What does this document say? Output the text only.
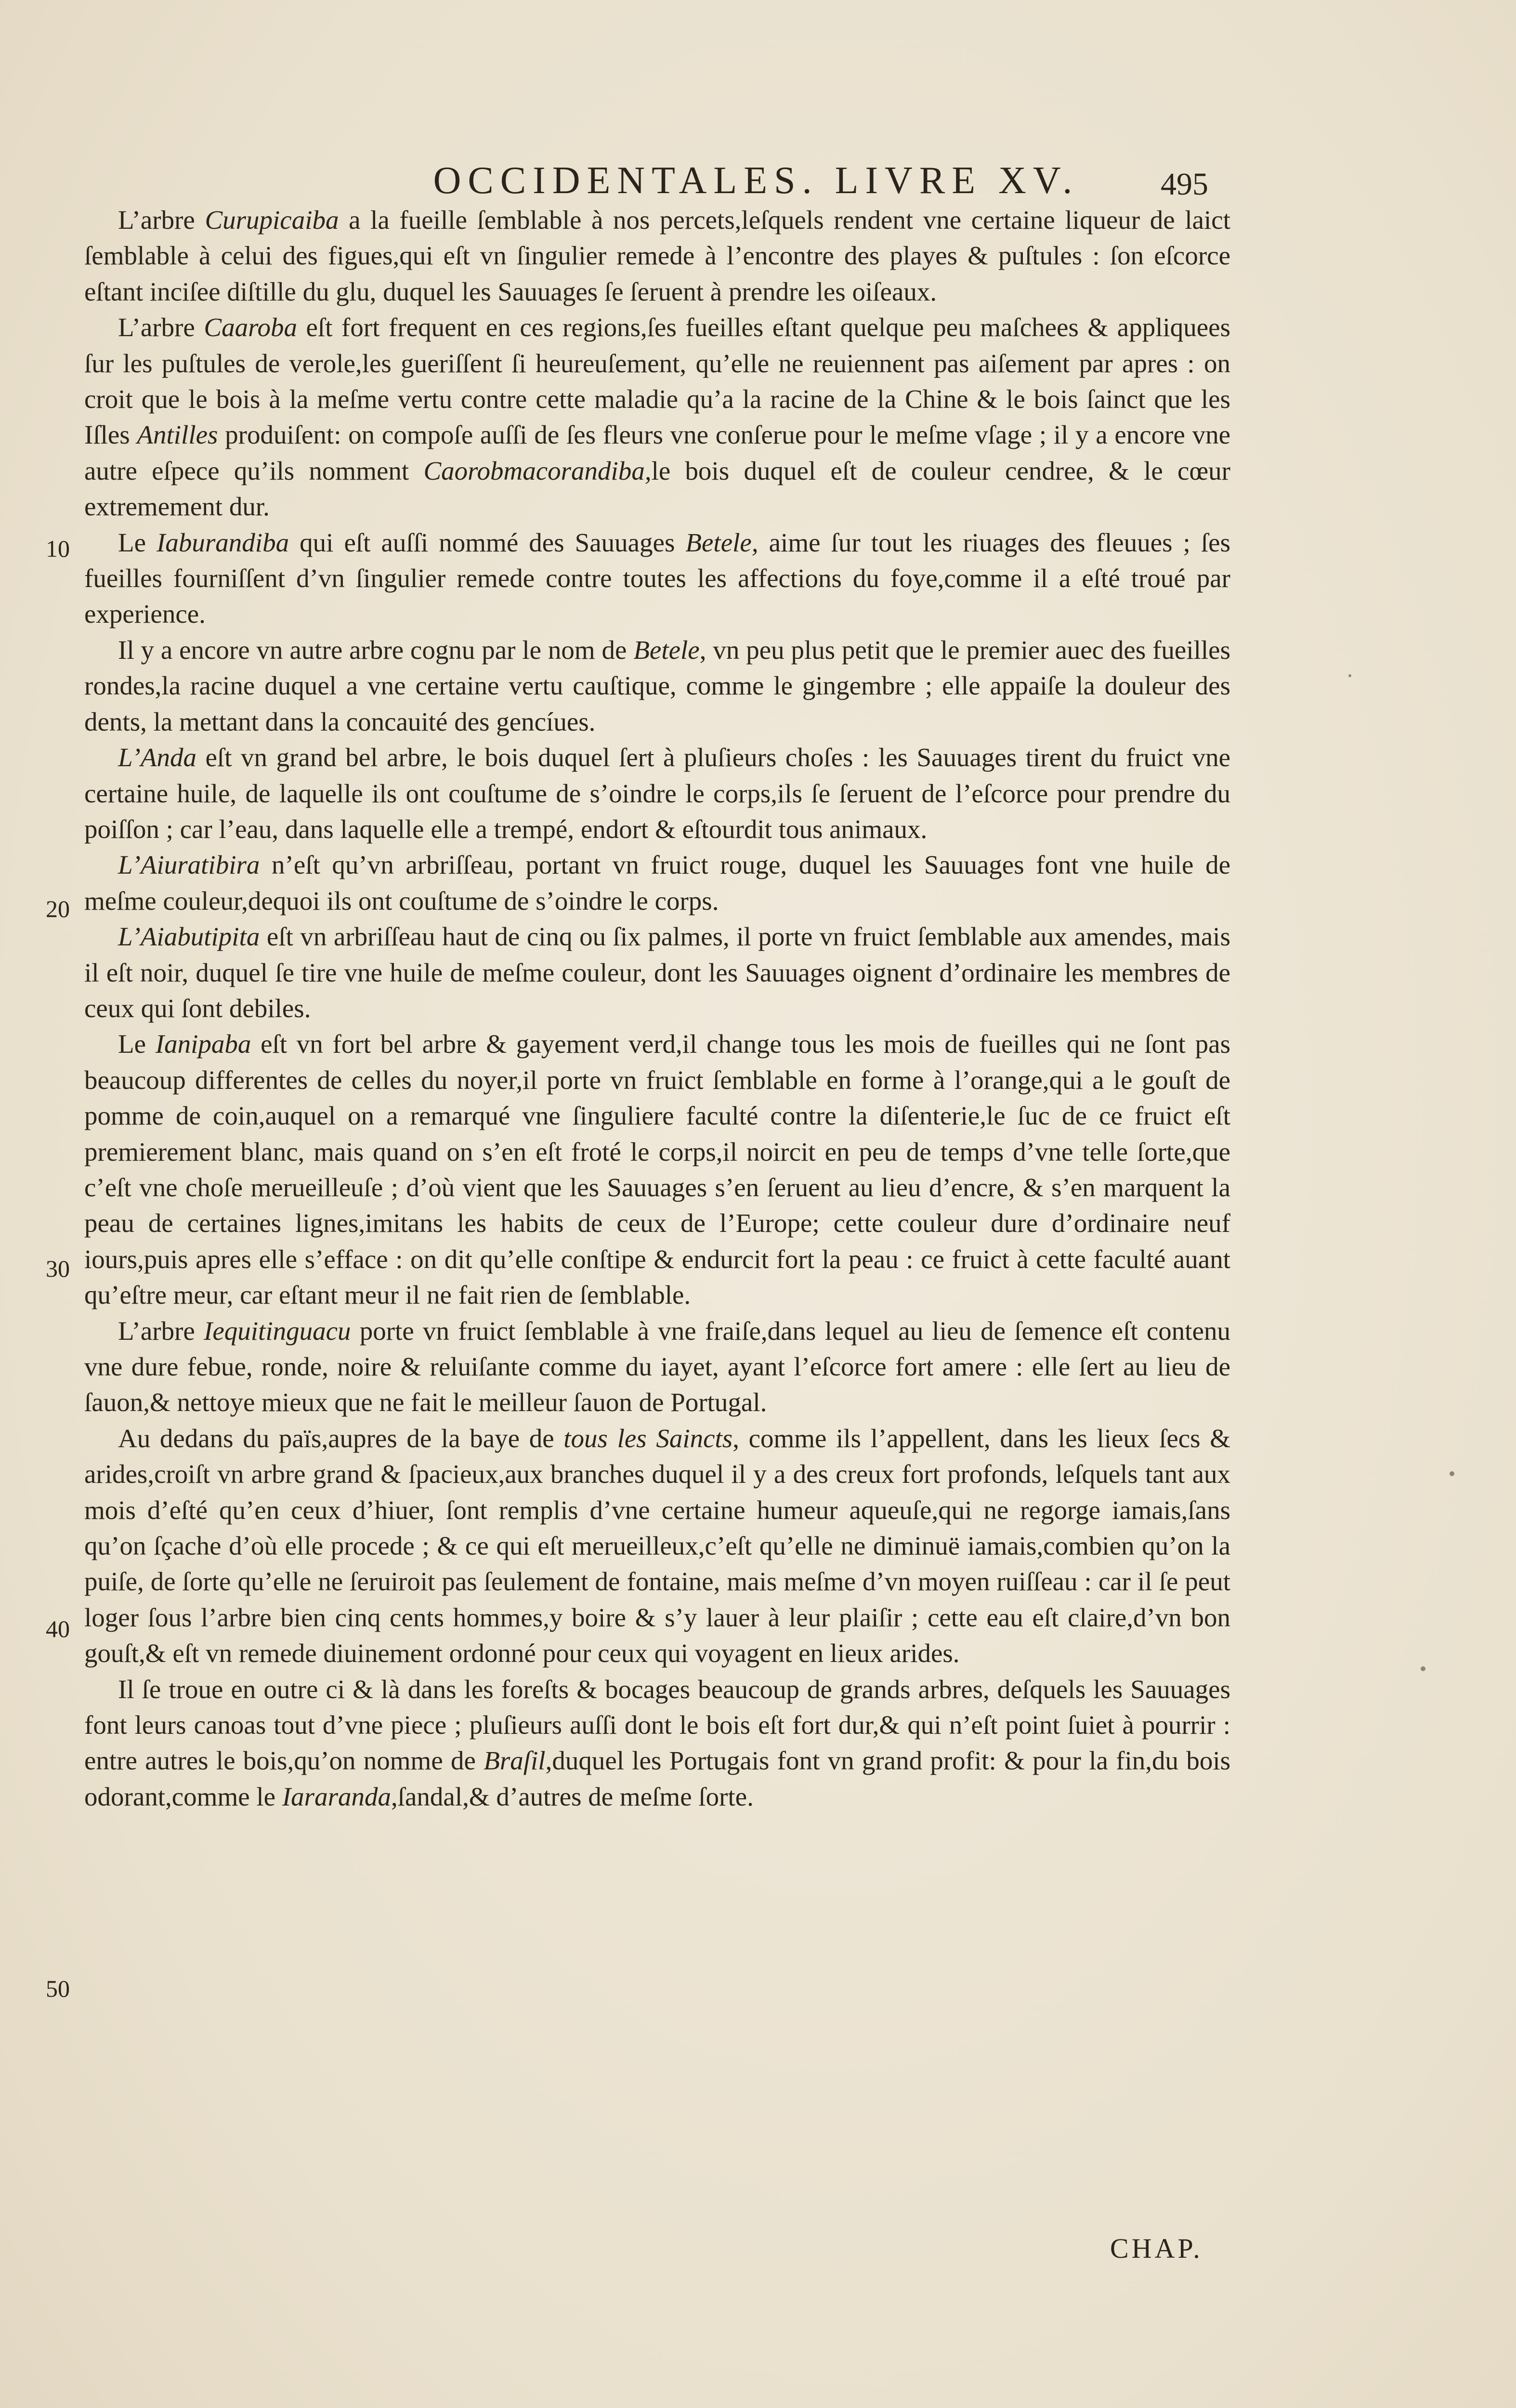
OCCIDENTALES. LIVRE XV.	495
10
20
30
40
50

L’arbre Curupicaiba a la fueille ſemblable à nos percets,leſquels rendent vne certaine liqueur de laict ſemblable à celui des figues,qui eſt vn ſingulier remede à l’encontre des playes & puſtules : ſon eſcorce eſtant inciſee diſtille du glu, duquel les Sauuages ſe ſeruent à prendre les oiſeaux.

L’arbre Caaroba eſt fort frequent en ces regions,ſes fueilles eſtant quelque peu maſchees & appliquees ſur les puſtules de verole,les gueriſſent ſi heureuſement, qu’elle ne reuiennent pas aiſement par apres : on croit que le bois à la meſme vertu contre cette maladie qu’a la racine de la Chine & le bois ſainct que les Iſles Antilles produiſent: on compoſe auſſi de ſes fleurs vne conſerue pour le meſme vſage ; il y a encore vne autre eſpece qu’ils nomment Caorobmacorandiba,le bois duquel eſt de couleur cendree, & le cœur extremement dur.

Le Iaburandiba qui eſt auſſi nommé des Sauuages Betele, aime ſur tout les riuages des fleuues ; ſes fueilles fourniſſent d’vn ſingulier remede contre toutes les affections du foye,comme il a eſté troué par experience.

Il y a encore vn autre arbre cognu par le nom de Betele, vn peu plus petit que le premier auec des fueilles rondes,la racine duquel a vne certaine vertu cauſtique, comme le gingembre ; elle appaiſe la douleur des dents, la mettant dans la concauité des gencíues.

L’Anda eſt vn grand bel arbre, le bois duquel ſert à pluſieurs choſes : les Sauuages tirent du fruict vne certaine huile, de laquelle ils ont couſtume de s’oindre le corps,ils ſe ſeruent de l’eſcorce pour prendre du poiſſon ; car l’eau, dans laquelle elle a trempé, endort & eſtourdit tous animaux.

L’Aiuratibira n’eſt qu’vn arbriſſeau, portant vn fruict rouge, duquel les Sauuages font vne huile de meſme couleur,dequoi ils ont couſtume de s’oindre le corps.

L’Aiabutipita eſt vn arbriſſeau haut de cinq ou ſix palmes, il porte vn fruict ſemblable aux amendes, mais il eſt noir, duquel ſe tire vne huile de meſme couleur, dont les Sauuages oignent d’ordinaire les membres de ceux qui ſont debiles.

Le Ianipaba eſt vn fort bel arbre & gayement verd,il change tous les mois de fueilles qui ne ſont pas beaucoup differentes de celles du noyer,il porte vn fruict ſemblable en forme à l’orange,qui a le gouſt de pomme de coin,auquel on a remarqué vne ſinguliere faculté contre la diſenterie,le ſuc de ce fruict eſt premierement blanc, mais quand on s’en eſt froté le corps,il noircit en peu de temps d’vne telle ſorte,que c’eſt vne choſe merueilleuſe ; d’où vient que les Sauuages s’en ſeruent au lieu d’encre, & s’en marquent la peau de certaines lignes,imitans les habits de ceux de l’Europe; cette couleur dure d’ordinaire neuf iours,puis apres elle s’efface : on dit qu’elle conſtipe & endurcit fort la peau : ce fruict à cette faculté auant qu’eſtre meur, car eſtant meur il ne fait rien de ſemblable.

L’arbre Iequitinguacu porte vn fruict ſemblable à vne fraiſe,dans lequel au lieu de ſemence eſt contenu vne dure febue, ronde, noire & reluiſante comme du iayet, ayant l’eſcorce fort amere : elle ſert au lieu de ſauon,& nettoye mieux que ne fait le meilleur ſauon de Portugal.

Au dedans du païs,aupres de la baye de tous les Saincts, comme ils l’appellent, dans les lieux ſecs & arides,croiſt vn arbre grand & ſpacieux,aux branches duquel il y a des creux fort profonds, leſquels tant aux mois d’eſté qu’en ceux d’hiuer, ſont remplis d’vne certaine humeur aqueuſe,qui ne regorge iamais,ſans qu’on ſçache d’où elle procede ; & ce qui eſt merueilleux,c’eſt qu’elle ne diminuë iamais,combien qu’on la puiſe, de ſorte qu’elle ne ſeruiroit pas ſeulement de fontaine, mais meſme d’vn moyen ruiſſeau : car il ſe peut loger ſous l’arbre bien cinq cents hommes,y boire & s’y lauer à leur plaiſir ; cette eau eſt claire,d’vn bon gouſt,& eſt vn remede diuinement ordonné pour ceux qui voyagent en lieux arides.

Il ſe troue en outre ci & là dans les foreſts & bocages beaucoup de grands arbres, deſquels les Sauuages font leurs canoas tout d’vne piece ; pluſieurs auſſi dont le bois eſt fort dur,& qui n’eſt point ſuiet à pourrir : entre autres le bois,qu’on nomme de Braſil,duquel les Portugais font vn grand profit: & pour la fin,du bois odorant,comme le Iararanda,ſandal,& d’autres de meſme ſorte.

CHAP.
